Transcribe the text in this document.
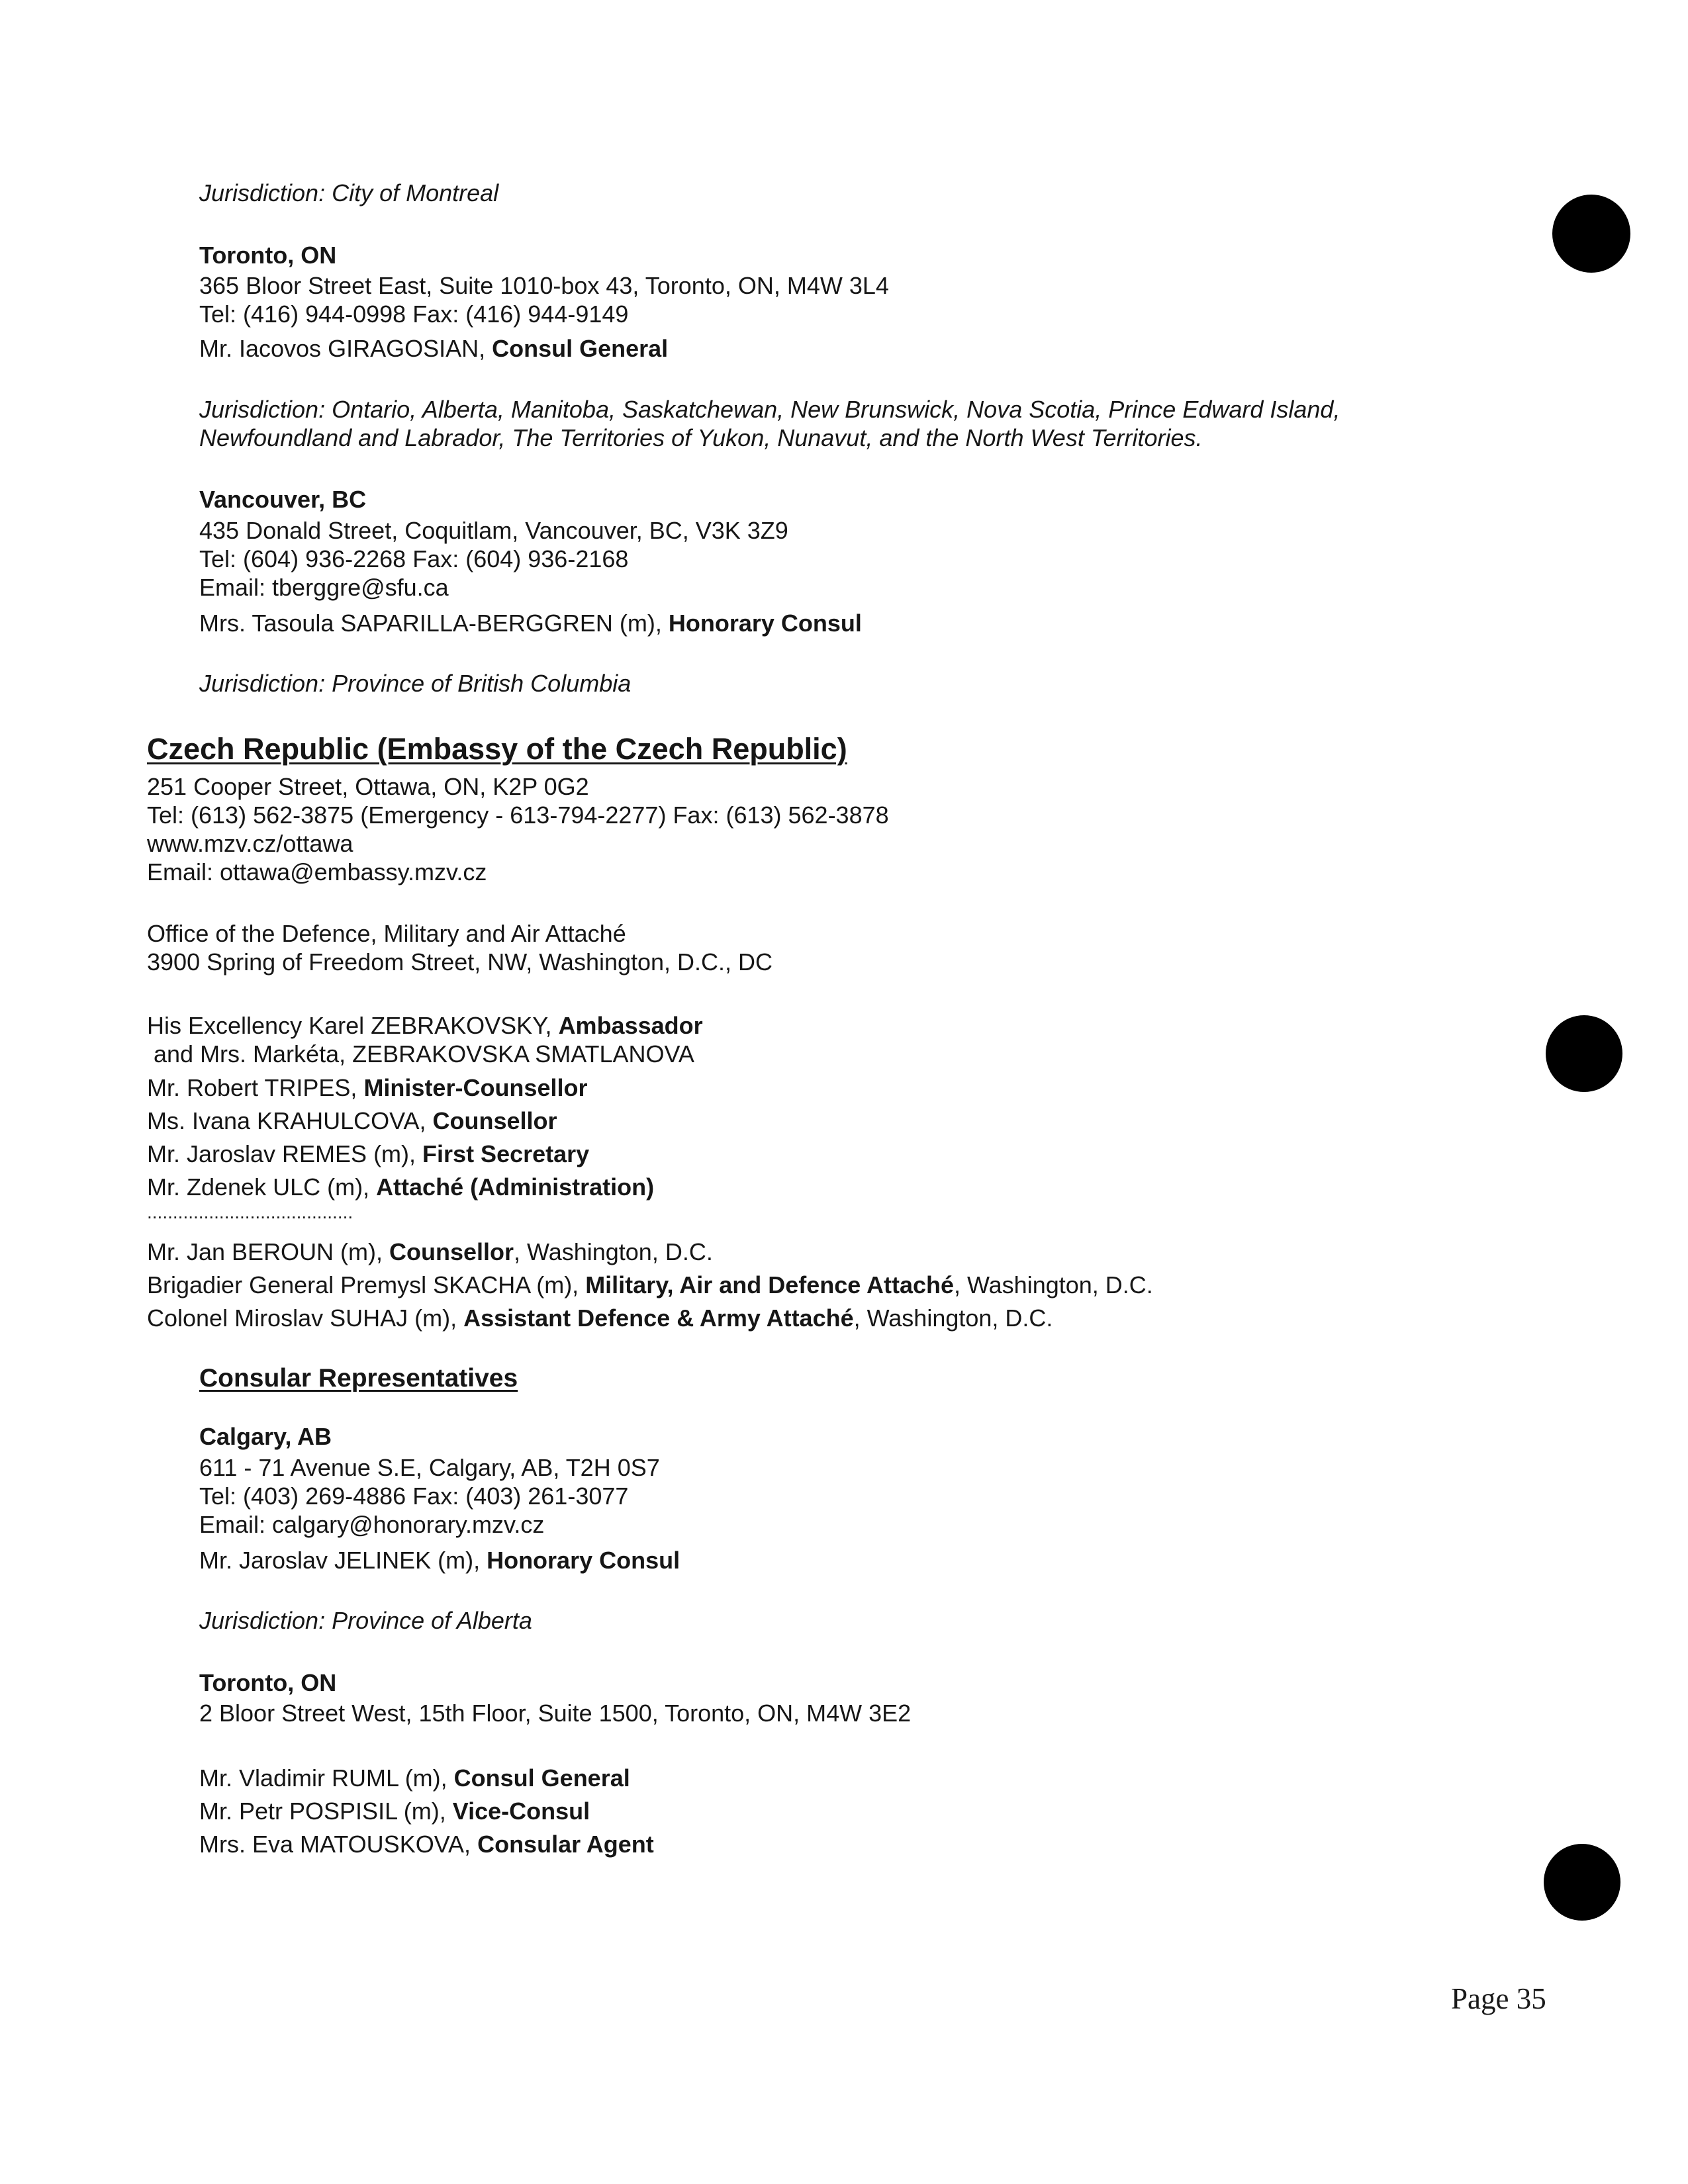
Jurisdiction: City of Montreal
Toronto, ON
365 Bloor Street East, Suite 1010-box 43, Toronto, ON, M4W 3L4
Tel: (416) 944-0998 Fax: (416) 944-9149
Mr. Iacovos GIRAGOSIAN, Consul General
Jurisdiction: Ontario, Alberta, Manitoba, Saskatchewan, New Brunswick, Nova Scotia, Prince Edward Island,
Newfoundland and Labrador, The Territories of Yukon, Nunavut, and the North West Territories.
Vancouver, BC
435 Donald Street, Coquitlam, Vancouver, BC, V3K 3Z9
Tel: (604) 936-2268 Fax: (604) 936-2168
Email: tberggre@sfu.ca
Mrs. Tasoula SAPARILLA-BERGGREN (m), Honorary Consul
Jurisdiction: Province of British Columbia
Czech Republic (Embassy of the Czech Republic)
251 Cooper Street, Ottawa, ON, K2P 0G2
Tel: (613) 562-3875 (Emergency - 613-794-2277) Fax: (613) 562-3878
www.mzv.cz/ottawa
Email: ottawa@embassy.mzv.cz
Office of the Defence, Military and Air Attaché
3900 Spring of Freedom Street, NW, Washington, D.C., DC
His Excellency Karel ZEBRAKOVSKY, Ambassador
and Mrs. Markéta, ZEBRAKOVSKA SMATLANOVA
Mr. Robert TRIPES, Minister-Counsellor
Ms. Ivana KRAHULCOVA, Counsellor
Mr. Jaroslav REMES (m), First Secretary
Mr. Zdenek ULC (m), Attaché (Administration)
........................................
Mr. Jan BEROUN (m), Counsellor, Washington, D.C.
Brigadier General Premysl SKACHA (m), Military, Air and Defence Attaché, Washington, D.C.
Colonel Miroslav SUHAJ (m), Assistant Defence & Army Attaché, Washington, D.C.
Consular Representatives
Calgary, AB
611 - 71 Avenue S.E, Calgary, AB, T2H 0S7
Tel: (403) 269-4886 Fax: (403) 261-3077
Email: calgary@honorary.mzv.cz
Mr. Jaroslav JELINEK (m), Honorary Consul
Jurisdiction: Province of Alberta
Toronto, ON
2 Bloor Street West, 15th Floor, Suite 1500, Toronto, ON, M4W 3E2
Mr. Vladimir RUML (m), Consul General
Mr. Petr POSPISIL (m), Vice-Consul
Mrs. Eva MATOUSKOVA, Consular Agent
Page 35
